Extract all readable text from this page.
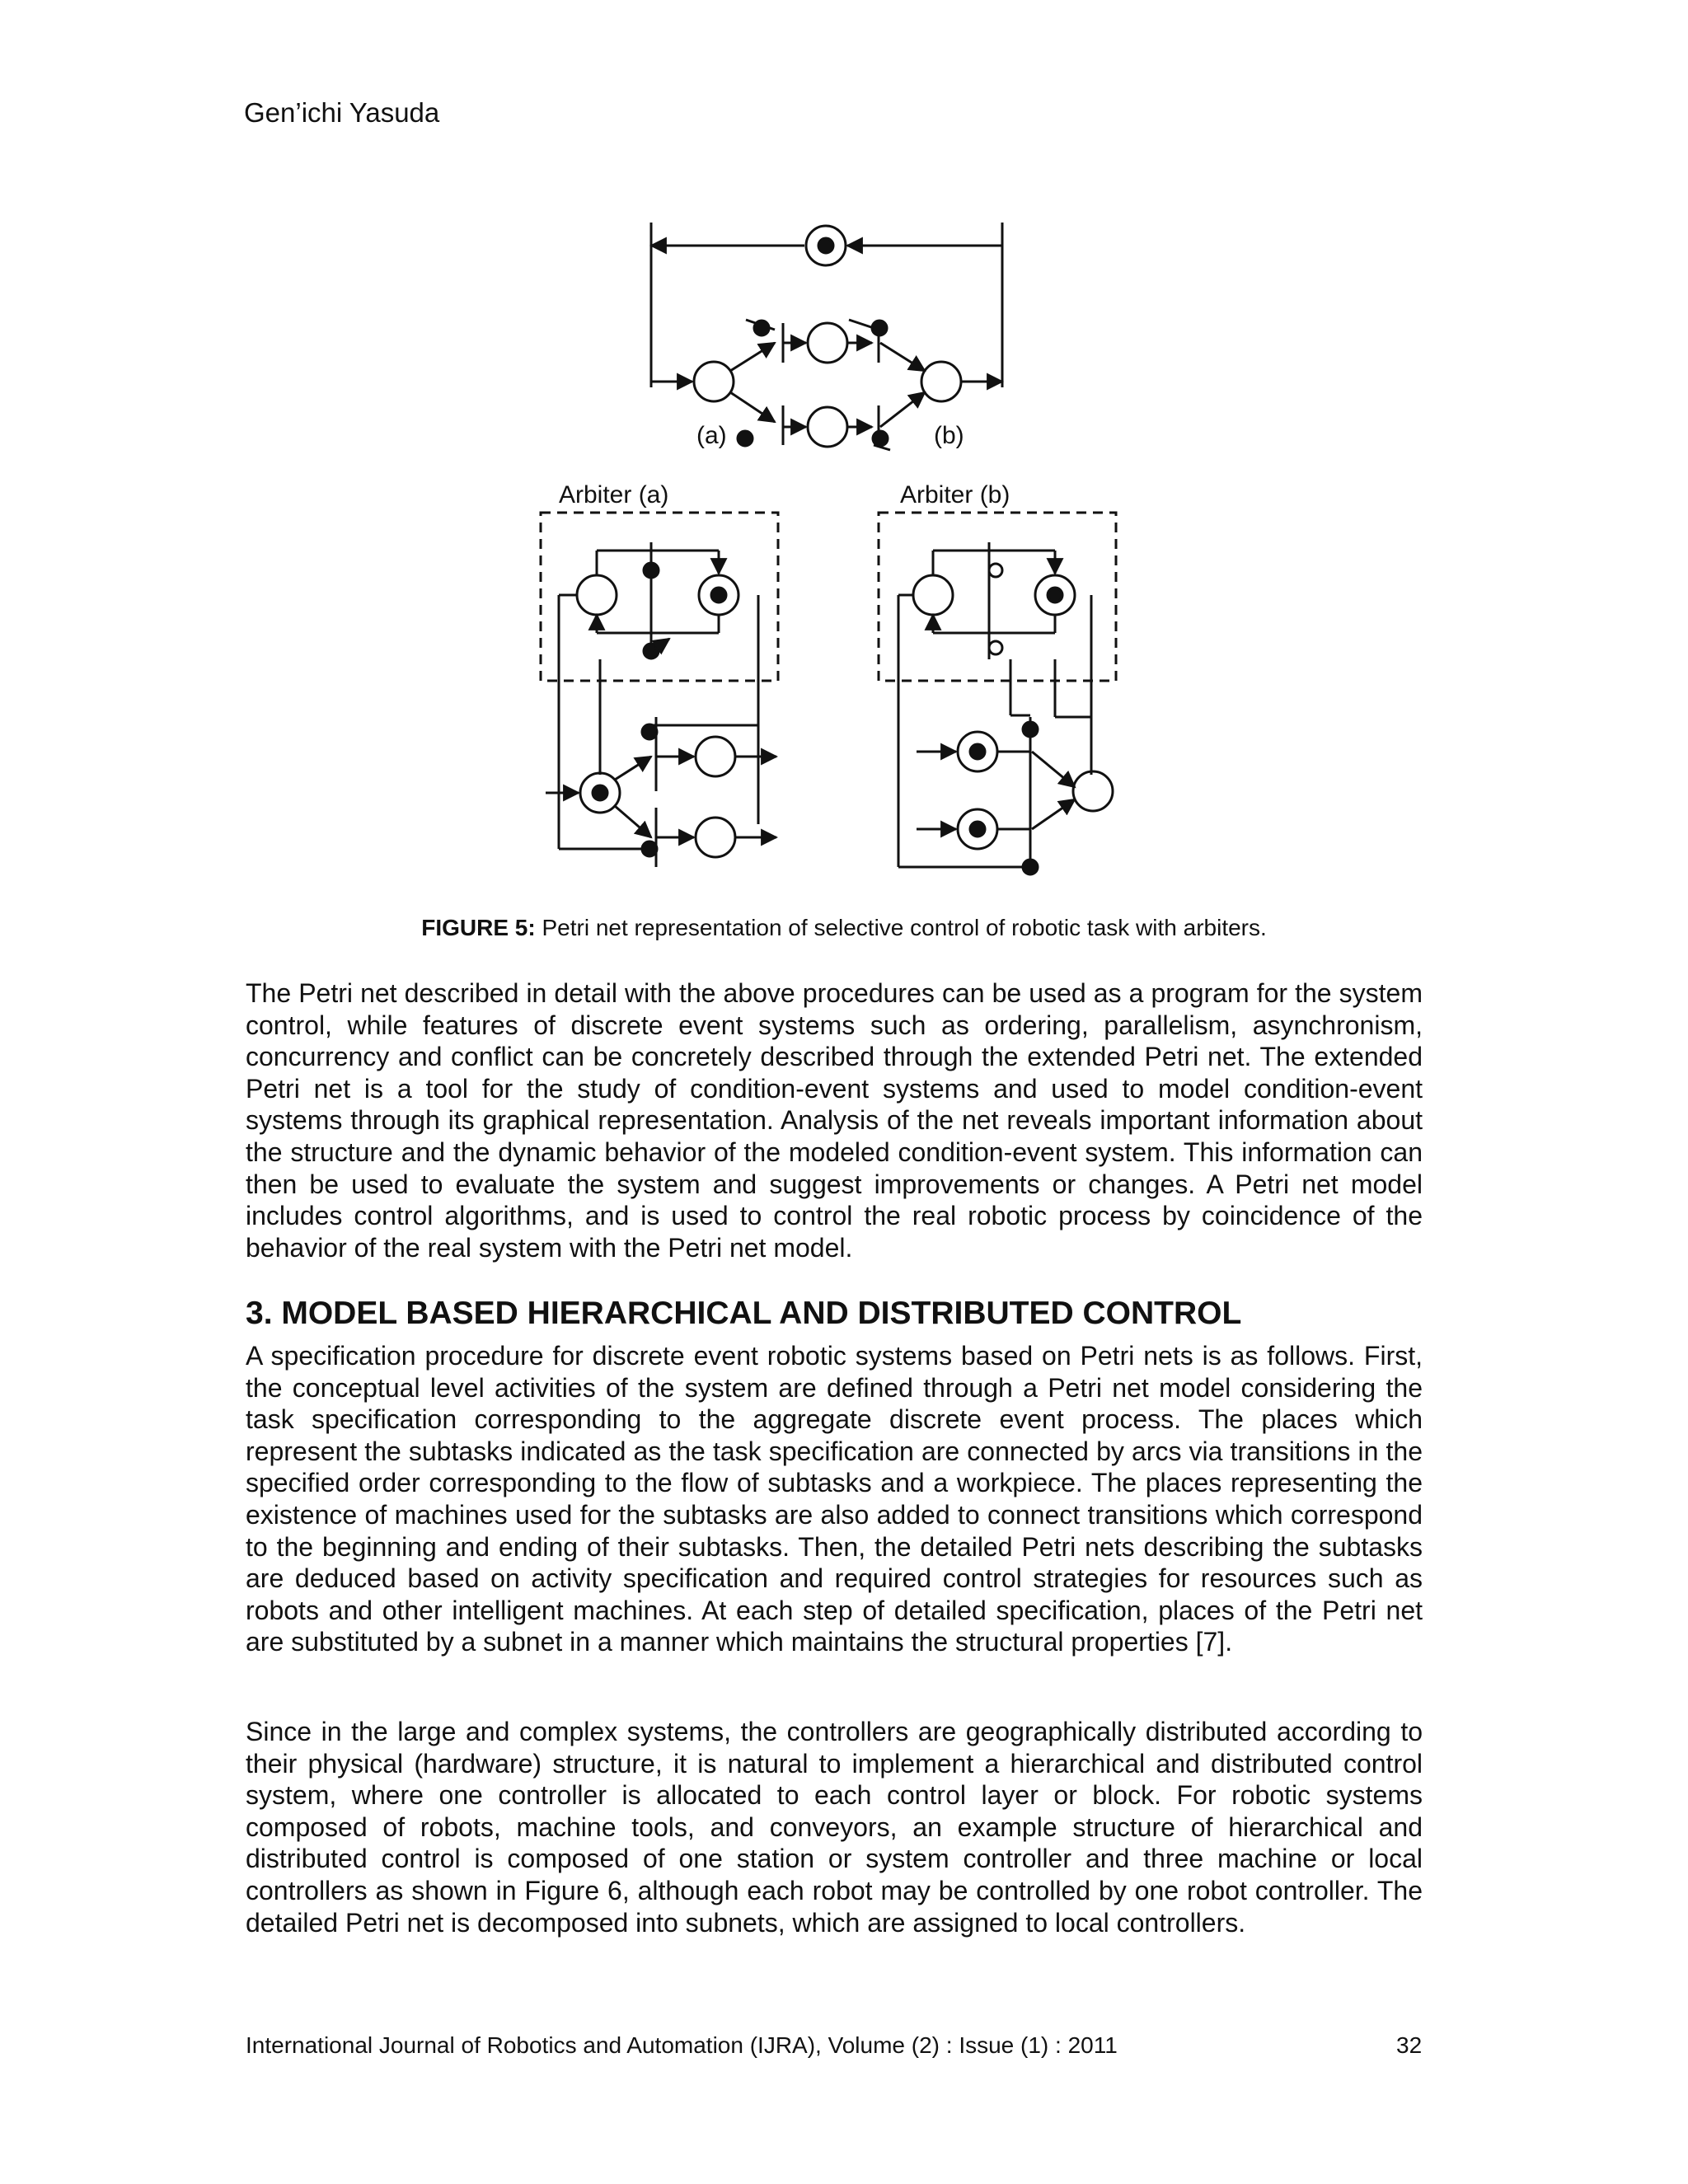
Gen’ichi Yasuda
(a)	(b)
Arbiter (a)	Arbiter (b)
FIGURE 5: Petri net representation of selective control of robotic task with arbiters.

The Petri net described in detail with the above procedures can be used as a program for the system control, while features of discrete event systems such as ordering, parallelism, asynchronism, concurrency and conflict can be concretely described through the extended Petri net. The extended Petri net is a tool for the study of condition-event systems and used to model condition-event systems through its graphical representation. Analysis of the net reveals important information about the structure and the dynamic behavior of the modeled condition-event system. This information can then be used to evaluate the system and suggest improvements or changes. A Petri net model includes control algorithms, and is used to control the real robotic process by coincidence of the behavior of the real system with the Petri net model.

3. MODEL BASED HIERARCHICAL AND DISTRIBUTED CONTROL

A specification procedure for discrete event robotic systems based on Petri nets is as follows. First, the conceptual level activities of the system are defined through a Petri net model considering the task specification corresponding to the aggregate discrete event process. The places which represent the subtasks indicated as the task specification are connected by arcs via transitions in the specified order corresponding to the flow of subtasks and a workpiece. The places representing the existence of machines used for the subtasks are also added to connect transitions which correspond to the beginning and ending of their subtasks. Then, the detailed Petri nets describing the subtasks are deduced based on activity specification and required control strategies for resources such as robots and other intelligent machines. At each step of detailed specification, places of the Petri net are substituted by a subnet in a manner which maintains the structural properties [7].

Since in the large and complex systems, the controllers are geographically distributed according to their physical (hardware) structure, it is natural to implement a hierarchical and distributed control system, where one controller is allocated to each control layer or block. For robotic systems composed of robots, machine tools, and conveyors, an example structure of hierarchical and distributed control is composed of one station or system controller and three machine or local controllers as shown in Figure 6, although each robot may be controlled by one robot controller. The detailed Petri net is decomposed into subnets, which are assigned to local controllers.

International Journal of Robotics and Automation (IJRA), Volume (2) : Issue (1) : 2011	32
